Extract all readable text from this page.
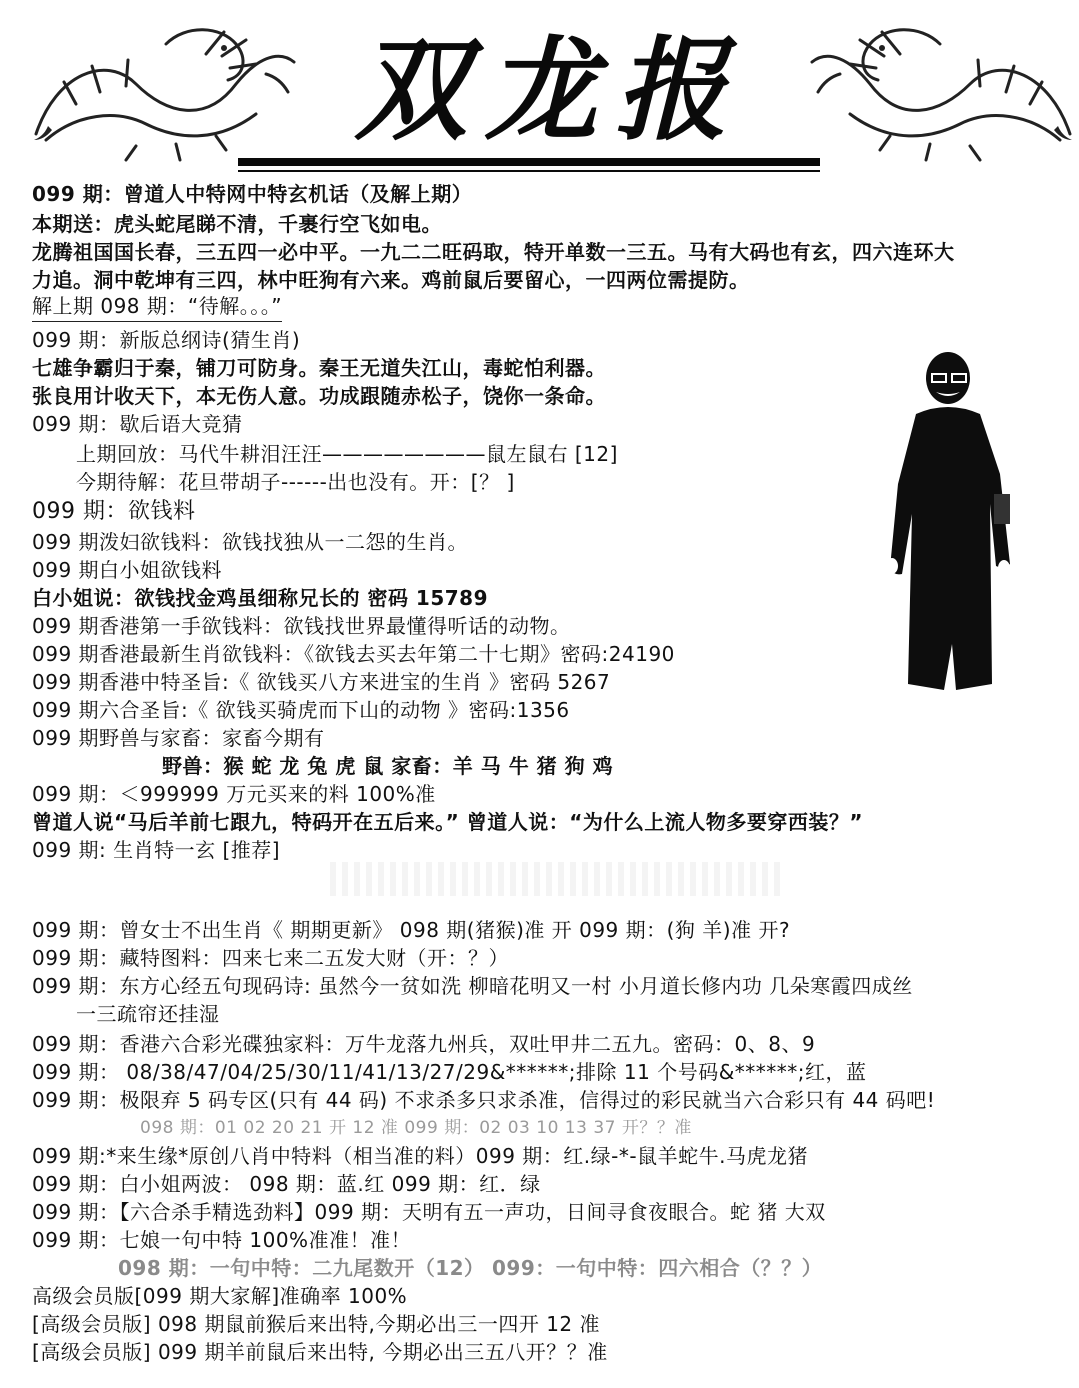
双龙报
099 期：曾道人中特网中特玄机话（及解上期）
本期送：虎头蛇尾睇不清，千裹行空飞如电。
龙腾祖国国长春，三五四一必中平。一九二二旺码取，特开单数一三五。马有大码也有玄，四六连环大
力追。洞中乾坤有三四，林中旺狗有六来。鸡前鼠后要留心，一四两位需提防。
解上期 098 期：“待解。。。”
099 期：新版总纲诗(猜生肖)
七雄争霸归于秦，铺刀可防身。秦王无道失江山，毒蛇怕利器。
张良用计收天下，本无伤人意。功成跟随赤松子，饶你一条命。
099 期：歇后语大竞猜
上期回放：马代牛耕泪汪汪————————鼠左鼠右 [12]
今期待解：花旦带胡子------出也没有。开：[？ ]
099 期：欲钱料
099 期泼妇欲钱料：欲钱找独从一二怨的生肖。
099 期白小姐欲钱料
白小姐说：欲钱找金鸡虽细称兄长的 密码 15789
099 期香港第一手欲钱料：欲钱找世界最懂得听话的动物。
099 期香港最新生肖欲钱料：《欲钱去买去年第二十七期》密码:24190
099 期香港中特圣旨:《 欲钱买八方来进宝的生肖 》密码 5267
099 期六合圣旨:《 欲钱买骑虎而下山的动物 》密码:1356
099 期野兽与家畜：家畜今期有
野兽：猴 蛇 龙 兔 虎 鼠 家畜：羊 马 牛 猪 狗 鸡
099 期：＜999999 万元买来的料 100%准
曾道人说“马后羊前七跟九，特码开在五后来。” 曾道人说：“为什么上流人物多要穿西装？”
099 期: 生肖特一玄 [推荐]
099 期：曾女士不出生肖《 期期更新》 098 期(猪猴)准 开 099 期：(狗 羊)准 开?
099 期：藏特图料：四来七来二五发大财（开：？）
099 期：东方心经五句现码诗: 虽然今一贫如洗 柳暗花明又一村 小月道长修内功 几朵寒霞四成丝
一三疏帘还挂湿
099 期：香港六合彩光碟独家料：万牛龙落九州兵，双吐甲井二五九。密码：0、8、9
099 期： 08/38/47/04/25/30/11/41/13/27/29&******;排除 11 个号码&******;红，蓝
099 期：极限弃 5 码专区(只有 44 码) 不求杀多只求杀准，信得过的彩民就当六合彩只有 44 码吧!
098 期：01 02 20 21 开 12 准 099 期：02 03 10 13 37 开？？准
099 期:*来生缘*原创八肖中特料（相当准的料）099 期：红.绿-*-鼠羊蛇牛.马虎龙猪
099 期：白小姐两波： 098 期：蓝.红 099 期：红．绿
099 期：【六合杀手精选劲料】099 期：天明有五一声功，日间寻食夜眼合。蛇 猪 大双
099 期：七娘一句中特 100%准准！准！
098 期：一句中特：二九尾数开（12） 099：一句中特：四六相合（？？）
高级会员版[099 期大家解]准确率 100%
[高级会员版] 098 期鼠前猴后来出特,今期必出三一四开 12 准
[高级会员版] 099 期羊前鼠后来出特, 今期必出三五八开？？准
